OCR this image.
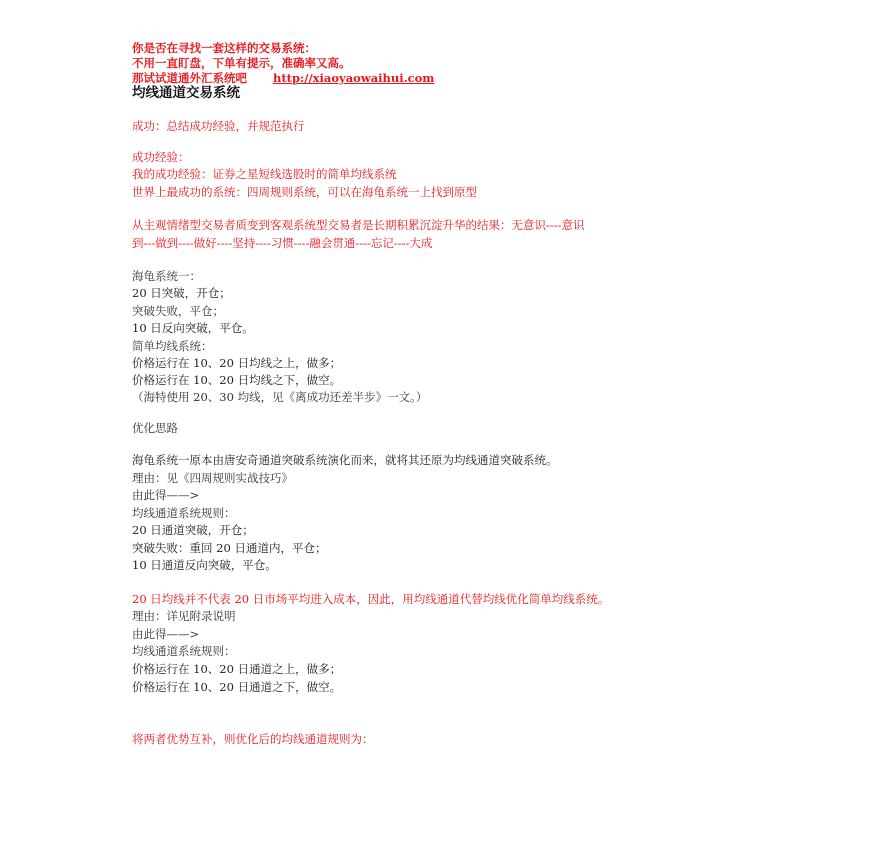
你是否在寻找一套这样的交易系统：
不用一直盯盘，下单有提示，准确率又高。
那试试道通外汇系统吧 http://xiaoyaowaihui.com
均线通道交易系统
成功：总结成功经验，并规范执行
成功经验：
我的成功经验：证券之星短线选股时的简单均线系统
世界上最成功的系统：四周规则系统，可以在海龟系统一上找到原型
从主观情绪型交易者质变到客观系统型交易者是长期积累沉淀升华的结果：无意识----意识
到---做到----做好----坚持----习惯----融会贯通----忘记----大成
海龟系统一：
20 日突破，开仓；
突破失败，平仓；
10 日反向突破，平仓。
简单均线系统：
价格运行在 10、20 日均线之上，做多；
价格运行在 10、20 日均线之下，做空。
（海特使用 20、30 均线，见《离成功还差半步》一文。）
优化思路
海龟系统一原本由唐安奇通道突破系统演化而来，就将其还原为均线通道突破系统。
理由：见《四周规则实战技巧》
由此得——>
均线通道系统规则：
20 日通道突破，开仓；
突破失败：重回 20 日通道内，平仓；
10 日通道反向突破，平仓。
20 日均线并不代表 20 日市场平均进入成本，因此，用均线通道代替均线优化简单均线系统。
理由：详见附录说明
由此得——>
均线通道系统规则：
价格运行在 10、20 日通道之上，做多；
价格运行在 10、20 日通道之下，做空。
将两者优势互补，则优化后的均线通道规则为：
